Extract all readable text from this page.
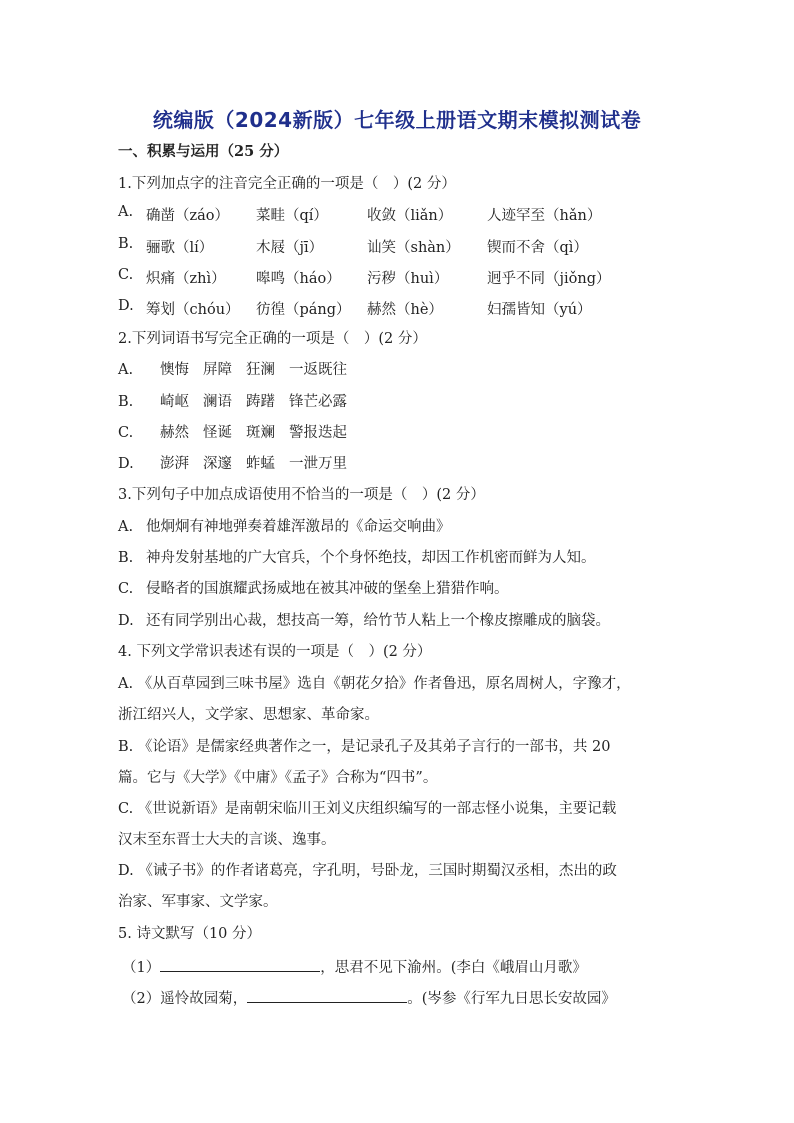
统编版（2024新版）七年级上册语文期末模拟测试卷
一、积累与运用（25 分）
1.下列加点字的注音完全正确的一项是（　）(2 分）
A. 确凿（záo） 菜畦（qí）	收敛（liǎn） 人迹罕至（hǎn）
B. 骊歌（lí）	木屐（jī）	讪笑（shàn） 锲而不舍（qì）
C. 炽痛（zhì） 嗥鸣（háo） 污秽（huì）	迥乎不同（jiǒng）
D. 筹划（chóu） 彷徨（páng） 赫然（hè）	妇孺皆知（yú）
2.下列词语书写完全正确的一项是（　）(2 分）
A. 懊悔 屏障 狂澜 一返既往
B. 崎岖 澜语 踌躇 锋芒必露
C. 赫然 怪诞 斑斓 警报迭起
D. 澎湃 深邃 蚱蜢 一泄万里
3.下列句子中加点成语使用不恰当的一项是（　）(2 分）
A. 他炯炯有神地弹奏着雄浑激昂的《命运交响曲》
B. 神舟发射基地的广大官兵，个个身怀绝技，却因工作机密而鲜为人知。
C. 侵略者的国旗耀武扬威地在被其冲破的堡垒上猎猎作响。
D. 还有同学别出心裁，想技高一筹，给竹节人粘上一个橡皮擦雕成的脑袋。
4. 下列文学常识表述有误的一项是（　）(2 分）
A. 《从百草园到三味书屋》选自《朝花夕拾》作者鲁迅，原名周树人，字豫才，
浙江绍兴人，文学家、思想家、革命家。
B. 《论语》是儒家经典著作之一，是记录孔子及其弟子言行的一部书，共 20
篇。它与《大学》《中庸》《孟子》合称为“四书”。
C. 《世说新语》是南朝宋临川王刘义庆组织编写的一部志怪小说集，主要记载
汉末至东晋士大夫的言谈、逸事。
D. 《诫子书》的作者诸葛亮，字孔明，号卧龙，三国时期蜀汉丞相，杰出的政
治家、军事家、文学家。
5. 诗文默写（10 分）
（1）	，思君不见下渝州。(李白《峨眉山月歌》
（2）遥怜故园菊，	。(岑参《行军九日思长安故园》
